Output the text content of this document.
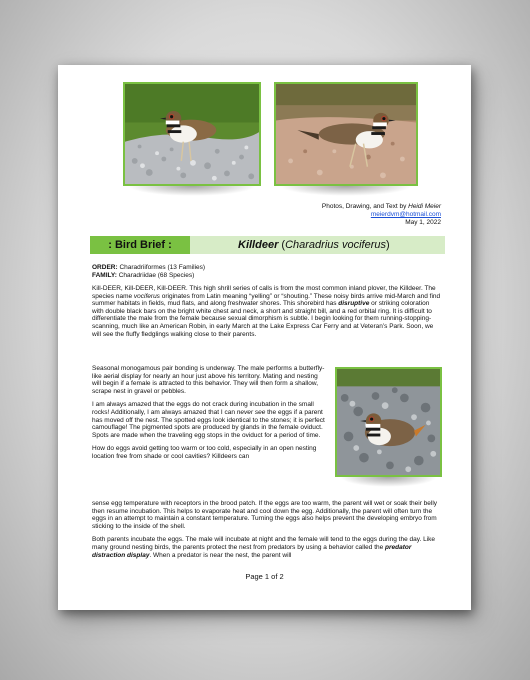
Photos, Drawing, and Text by Heidi Meier
meierdvm@hotmail.com
May 1, 2022
: Bird Brief :	Killdeer (Charadrius vociferus)
ORDER: Charadriiformes (13 Families)
FAMILY: Charadriidae (68 Species)

Kill-DEER, Kill-DEER, Kill-DEER. This high shrill series of calls is from the most common inland plover, the Killdeer. The species name vociferus originates from Latin meaning “yelling” or “shouting.” These noisy birds arrive mid-March and find summer habitats in fields, mud flats, and along freshwater shores. This shorebird has disruptive or striking coloration with double black bars on the bright white chest and neck, a short and straight bill, and a red orbital ring. It is difficult to differentiate the male from the female because sexual dimorphism is subtle. I begin looking for them running-stopping-scanning, much like an American Robin, in early March at the Lake Express Car Ferry and at Veteran’s Park. Soon, we will see the fluffy fledglings walking close to their parents.

Seasonal monogamous pair bonding is underway. The male performs a butterfly-like aerial display for nearly an hour just above his territory. Mating and nesting will begin if a female is attracted to this behavior. They will then form a shallow, scrape nest in gravel or pebbles.

I am always amazed that the eggs do not crack during incubation in the small rocks! Additionally, I am always amazed that I can never see the eggs if a parent has moved off the nest. The spotted eggs look identical to the stones; it is perfect camouflage! The pigmented spots are produced by glands in the female oviduct. Spots are made when the traveling egg stops in the oviduct for a period of time.

How do eggs avoid getting too warm or too cold, especially in an open nesting location free from shade or cool cavities? Killdeers can

sense egg temperature with receptors in the brood patch. If the eggs are too warm, the parent will wet or soak their belly then resume incubation. This helps to evaporate heat and cool down the egg. Additionally, the parent will often turn the eggs in an attempt to maintain a constant temperature. Turning the eggs also helps prevent the developing embryo from sticking to the inside of the shell.

Both parents incubate the eggs. The male will incubate at night and the female will tend to the eggs during the day. Like many ground nesting birds, the parents protect the nest from predators by using a behavior called the predator distraction display. When a predator is near the nest, the parent will

Page 1 of 2
